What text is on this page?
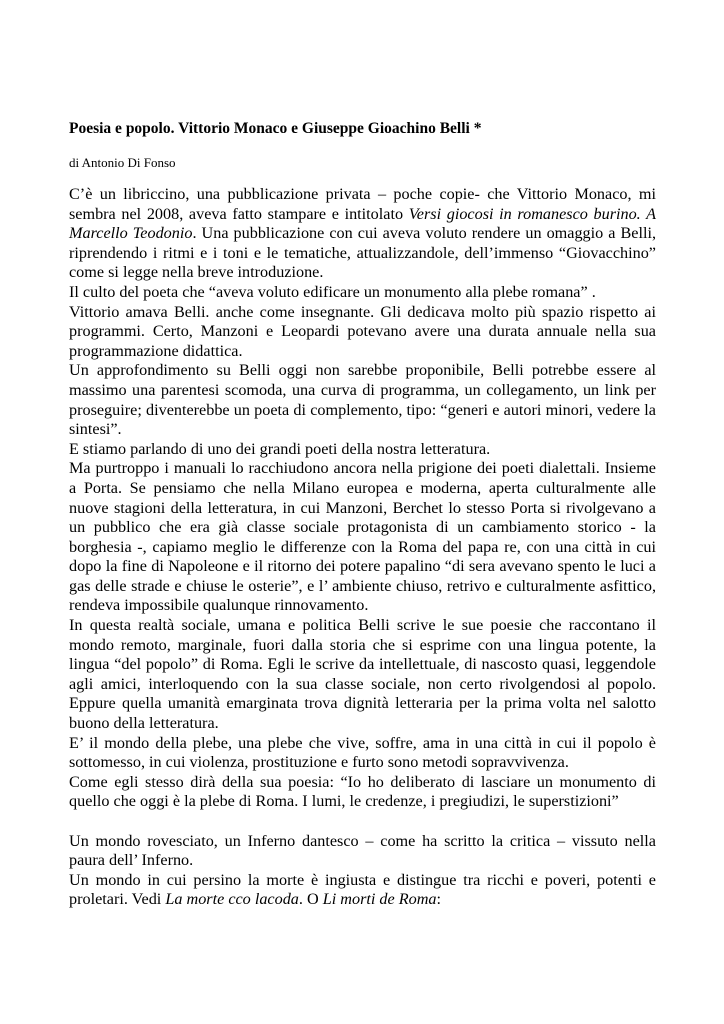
Poesia e popolo. Vittorio Monaco e Giuseppe Gioachino Belli *
di Antonio Di Fonso

C’è un libriccino, una pubblicazione privata – poche copie- che Vittorio Monaco, mi sembra nel 2008, aveva fatto stampare e intitolato Versi giocosi in romanesco burino. A Marcello Teodonio. Una pubblicazione con cui aveva voluto rendere un omaggio a Belli, riprendendo i ritmi e i toni e le tematiche, attualizzandole, dell’immenso “Giovacchino” come si legge nella breve introduzione.

Il culto del poeta che “aveva voluto edificare un monumento alla plebe romana” .

Vittorio amava Belli. anche come insegnante. Gli dedicava molto più spazio rispetto ai programmi. Certo, Manzoni e Leopardi potevano avere una durata annuale nella sua programmazione didattica.

Un approfondimento su Belli oggi non sarebbe proponibile, Belli potrebbe essere al massimo una parentesi scomoda, una curva di programma, un collegamento, un link per proseguire; diventerebbe un poeta di complemento, tipo: “generi e autori minori, vedere la sintesi”.

E stiamo parlando di uno dei grandi poeti della nostra letteratura.

Ma purtroppo i manuali lo racchiudono ancora nella prigione dei poeti dialettali. Insieme a Porta. Se pensiamo che nella Milano europea e moderna, aperta culturalmente alle nuove stagioni della letteratura, in cui Manzoni, Berchet lo stesso Porta si rivolgevano a un pubblico che era già classe sociale protagonista di un cambiamento storico - la borghesia -, capiamo meglio le differenze con la Roma del papa re, con una città in cui dopo la fine di Napoleone e il ritorno dei potere papalino “di sera avevano spento le luci a gas delle strade e chiuse le osterie”, e l’ ambiente chiuso, retrivo e culturalmente asfittico, rendeva impossibile qualunque rinnovamento.

In questa realtà sociale, umana e politica Belli scrive le sue poesie che raccontano il mondo remoto, marginale, fuori dalla storia che si esprime con una lingua potente, la lingua “del popolo” di Roma. Egli le scrive da intellettuale, di nascosto quasi, leggendole agli amici, interloquendo con la sua classe sociale, non certo rivolgendosi al popolo. Eppure quella umanità emarginata trova dignità letteraria per la prima volta nel salotto buono della letteratura.

E’ il mondo della plebe, una plebe che vive, soffre, ama in una città in cui il popolo è sottomesso, in cui violenza, prostituzione e furto sono metodi sopravvivenza.

Come egli stesso dirà della sua poesia: “Io ho deliberato di lasciare un monumento di quello che oggi è la plebe di Roma. I lumi, le credenze, i pregiudizi, le superstizioni”

Un mondo rovesciato, un Inferno dantesco – come ha scritto la critica – vissuto nella paura dell’ Inferno.

Un mondo in cui persino la morte è ingiusta e distingue tra ricchi e poveri, potenti e proletari. Vedi La morte cco lacoda. O Li morti de Roma:
